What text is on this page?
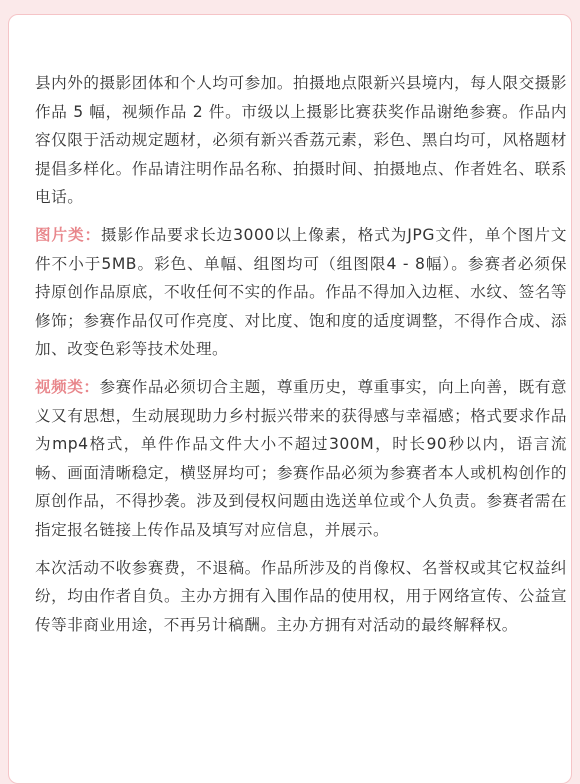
县内外的摄影团体和个人均可参加。拍摄地点限新兴县境内，每人限交摄影作品 5 幅，视频作品 2 件。市级以上摄影比赛获奖作品谢绝参赛。作品内容仅限于活动规定题材，必须有新兴香荔元素，彩色、黑白均可，风格题材提倡多样化。作品请注明作品名称、拍摄时间、拍摄地点、作者姓名、联系电话。

图片类：摄影作品要求长边3000以上像素，格式为JPG文件，单个图片文件不小于5MB。彩色、单幅、组图均可（组图限4 - 8幅）。参赛者必须保持原创作品原底，不收任何不实的作品。作品不得加入边框、水纹、签名等修饰；参赛作品仅可作亮度、对比度、饱和度的适度调整，不得作合成、添加、改变色彩等技术处理。

视频类：参赛作品必须切合主题，尊重历史，尊重事实，向上向善，既有意义又有思想，生动展现助力乡村振兴带来的获得感与幸福感；格式要求作品为mp4格式，单件作品文件大小不超过300M，时长90秒以内，语言流畅、画面清晰稳定，横竖屏均可；参赛作品必须为参赛者本人或机构创作的原创作品，不得抄袭。涉及到侵权问题由选送单位或个人负责。参赛者需在指定报名链接上传作品及填写对应信息，并展示。

本次活动不收参赛费，不退稿。作品所涉及的肖像权、名誉权或其它权益纠纷，均由作者自负。主办方拥有入围作品的使用权，用于网络宣传、公益宣传等非商业用途，不再另计稿酬。主办方拥有对活动的最终解释权。
